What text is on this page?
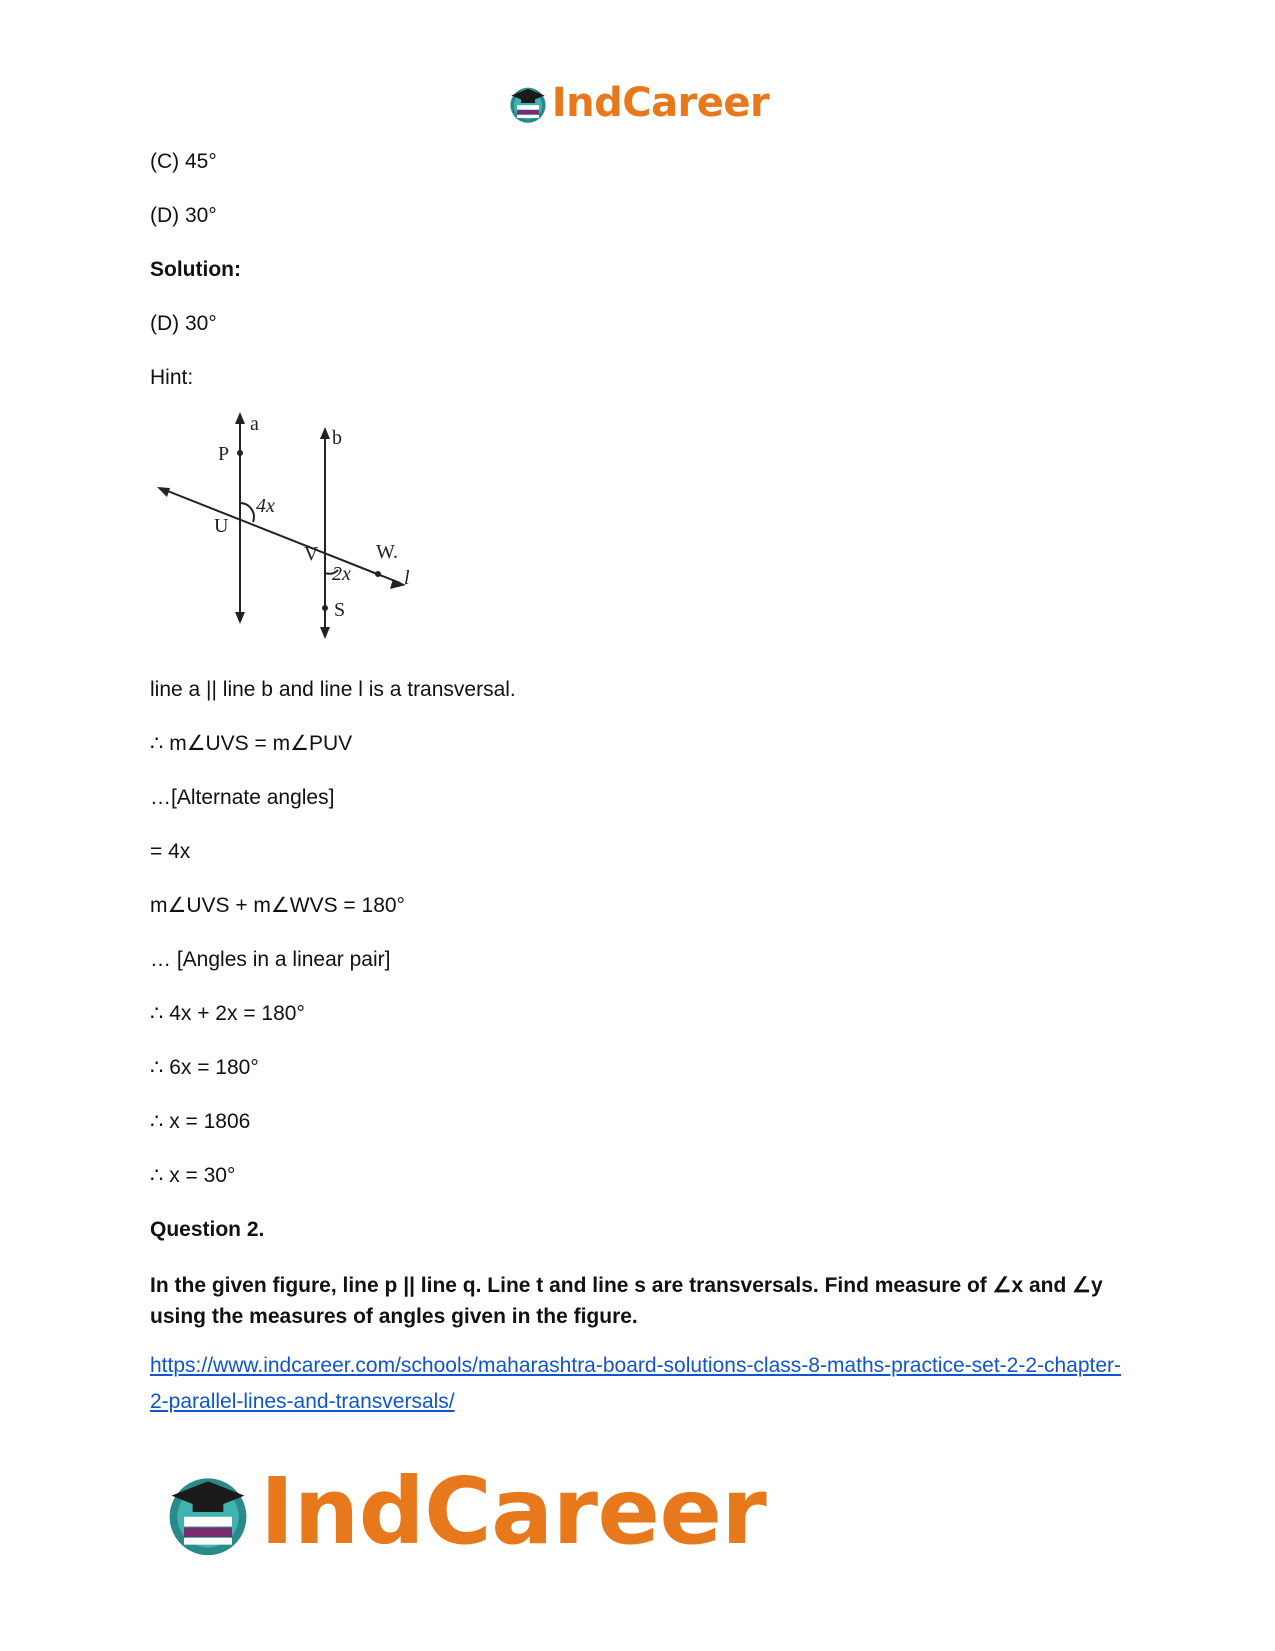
IndCareer

(C) 45°

(D) 30°

Solution:

(D) 30°

Hint:

a
b
P
4x
U
V	W.
2x	l
S

line a || line b and line l is a transversal.

∴ m∠UVS = m∠PUV

…[Alternate angles]

= 4x

m∠UVS + m∠WVS = 180°

… [Angles in a linear pair]

∴ 4x + 2x = 180°

∴ 6x = 180°

∴ x = 1806

∴ x = 30°

Question 2.

In the given figure, line p || line q. Line t and line s are transversals. Find measure of ∠x and ∠y using the measures of angles given in the figure.

https://www.indcareer.com/schools/maharashtra-board-solutions-class-8-maths-practice-set-2-2-chapter-2-parallel-lines-and-transversals/
IndCareer
